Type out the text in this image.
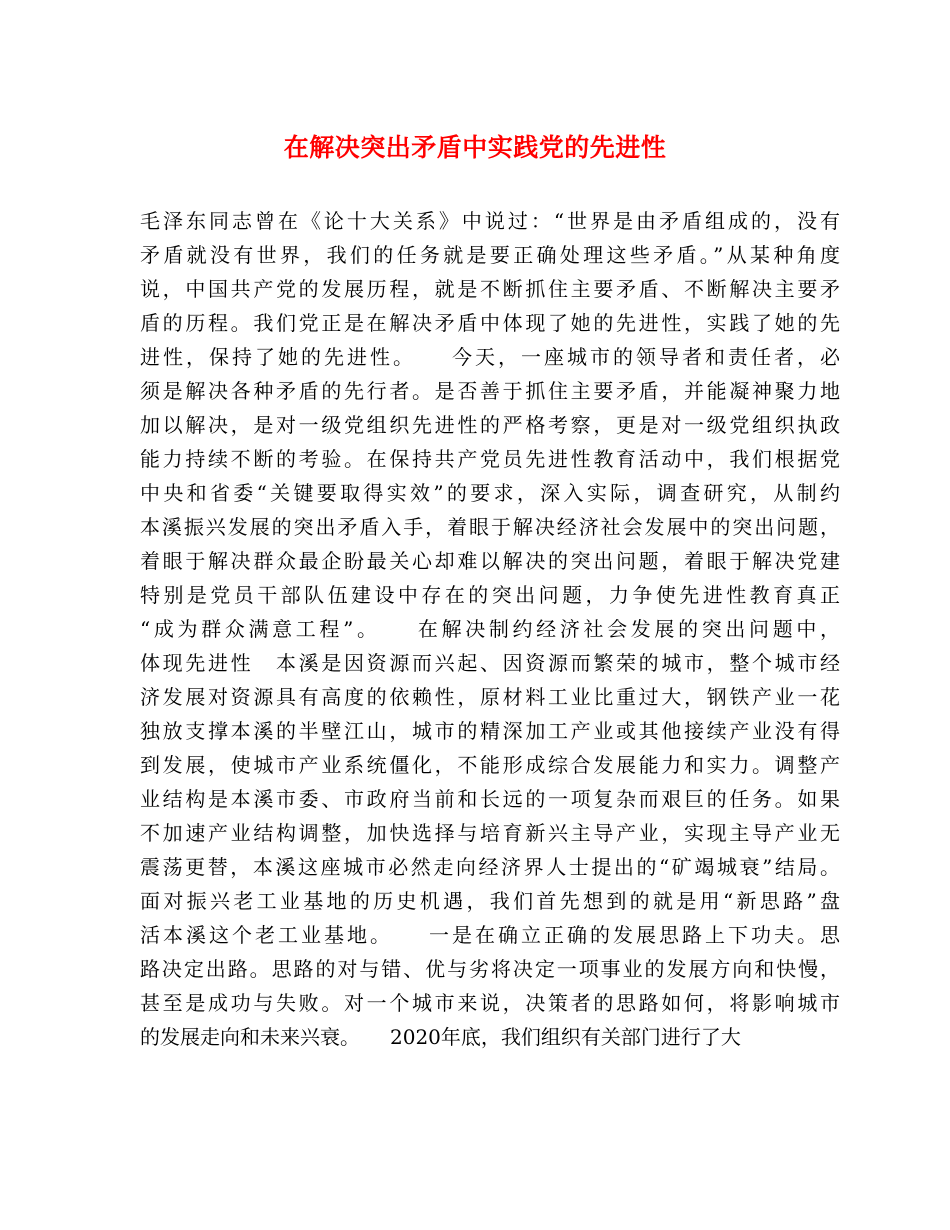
在解决突出矛盾中实践党的先进性
毛泽东同志曾在《论十大关系》中说过：“世界是由矛盾组成的，没有
矛盾就没有世界，我们的任务就是要正确处理这些矛盾。”从某种角度
说，中国共产党的发展历程，就是不断抓住主要矛盾、不断解决主要矛
盾的历程。我们党正是在解决矛盾中体现了她的先进性，实践了她的先
进性，保持了她的先进性。　　今天，一座城市的领导者和责任者，必
须是解决各种矛盾的先行者。是否善于抓住主要矛盾，并能凝神聚力地
加以解决，是对一级党组织先进性的严格考察，更是对一级党组织执政
能力持续不断的考验。在保持共产党员先进性教育活动中，我们根据党
中央和省委“关键要取得实效”的要求，深入实际，调查研究，从制约
本溪振兴发展的突出矛盾入手，着眼于解决经济社会发展中的突出问题，
着眼于解决群众最企盼最关心却难以解决的突出问题，着眼于解决党建
特别是党员干部队伍建设中存在的突出问题，力争使先进性教育真正
“成为群众满意工程”。　　在解决制约经济社会发展的突出问题中，
体现先进性　本溪是因资源而兴起、因资源而繁荣的城市，整个城市经
济发展对资源具有高度的依赖性，原材料工业比重过大，钢铁产业一花
独放支撑本溪的半壁江山，城市的精深加工产业或其他接续产业没有得
到发展，使城市产业系统僵化，不能形成综合发展能力和实力。调整产
业结构是本溪市委、市政府当前和长远的一项复杂而艰巨的任务。如果
不加速产业结构调整，加快选择与培育新兴主导产业，实现主导产业无
震荡更替，本溪这座城市必然走向经济界人士提出的“矿竭城衰”结局。
面对振兴老工业基地的历史机遇，我们首先想到的就是用“新思路”盘
活本溪这个老工业基地。　　一是在确立正确的发展思路上下功夫。思
路决定出路。思路的对与错、优与劣将决定一项事业的发展方向和快慢，
甚至是成功与失败。对一个城市来说，决策者的思路如何，将影响城市
的发展走向和未来兴衰。　　2020年底，我们组织有关部门进行了大
